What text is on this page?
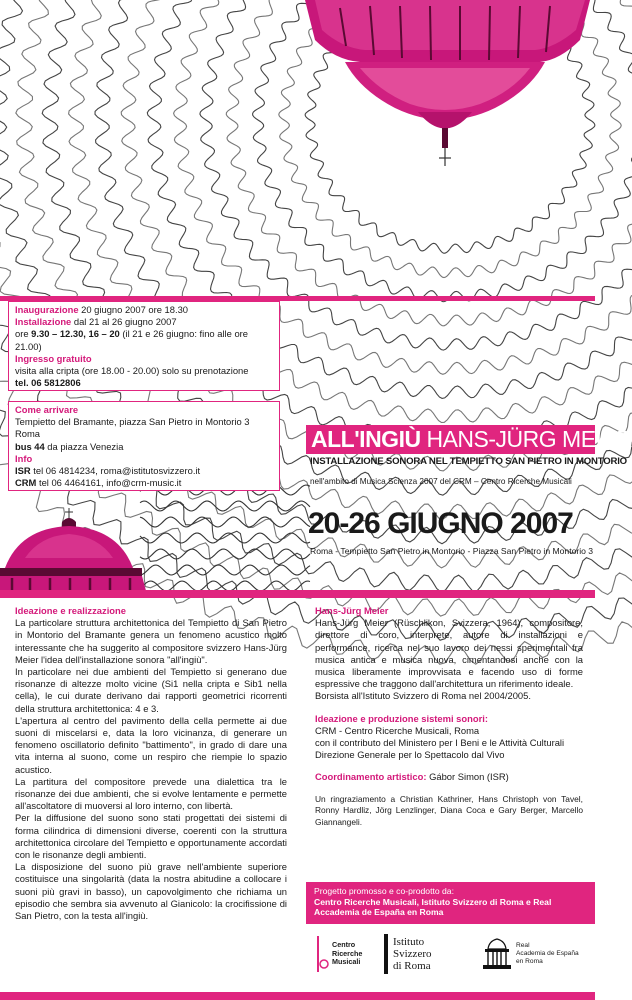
Inaugurazione 20 giugno 2007 ore 18.30
Installazione dal 21 al 26 giugno 2007
ore 9.30 – 12.30, 16 – 20 (il 21 e 26 giugno: fino alle ore 21.00)
Ingresso gratuito
visita alla cripta (ore 18.00 - 20.00) solo su prenotazione
tel. 06 5812806
Come arrivare
Tempietto del Bramante, piazza San Pietro in Montorio 3 Roma
bus 44 da piazza Venezia
Info
ISR tel 06 4814234, roma@istitutosvizzero.it
CRM tel 06 4464161, info@crm-music.it
ALL'INGIÙ HANS-JÜRG MEIER
INSTALLAZIONE SONORA NEL TEMPIETTO SAN PIETRO IN MONTORIO
nell'ambito di Musica Scienza 2007 del CRM – Centro Ricerche Musicali
20-26 GIUGNO 2007
Roma - Tempietto San Pietro in Montorio - Piazza San Pietro in Montorio 3
Ideazione e realizzazione

La particolare struttura architettonica del Tempietto di San Pietro in Montorio del Bramante genera un fenomeno acustico molto interessante che ha suggerito al compositore svizzero Hans-Jürg Meier l'idea dell'installazione sonora "all'ingiù".

In particolare nei due ambienti del Tempietto si generano due risonanze di altezze molto vicine (Si1 nella cripta e Sib1 nella cella), le cui durate derivano dai rapporti geometrici ricorrenti della struttura architettonica: 4 e 3.

L'apertura al centro del pavimento della cella permette ai due suoni di miscelarsi e, data la loro vicinanza, di generare un fenomeno oscillatorio definito "battimento", in grado di dare una vita interna al suono, come un respiro che riempie lo spazio acustico.

La partitura del compositore prevede una dialettica tra le risonanze dei due ambienti, che si evolve lentamente e permette all'ascoltatore di muoversi al loro interno, con libertà.

Per la diffusione del suono sono stati progettati dei sistemi di forma cilindrica di dimensioni diverse, coerenti con la struttura architettonica circolare del Tempietto e opportunamente accordati con le risonanze degli ambienti.

La disposizione del suono più grave nell'ambiente superiore costituisce una singolarità (data la nostra abitudine a collocare i suoni più gravi in basso), un capovolgimento che richiama un episodio che sembra sia avvenuto al Gianicolo: la crocifissione di San Pietro, con la testa all'ingiù.

Hans-Jürg Meier

Hans-Jürg Meier (Rüschlikon, Svizzera, 1964), compositore, direttore di coro, interprete, autore di installazioni e performance, ricerca nel suo lavoro dei nessi sperimentali fra musica antica e musica nuova, cimentandosi anche con la musica liberamente improvvisata e facendo uso di forme espressive che traggono dall'architettura un riferimento ideale.

Borsista all'Istituto Svizzero di Roma nel 2004/2005.

Ideazione e produzione sistemi sonori:
CRM - Centro Ricerche Musicali, Roma
con il contributo del Ministero per I Beni e le Attività Culturali
Direzione Generale per lo Spettacolo dal Vivo
Coordinamento artistico: Gábor Simon (ISR)

Un ringraziamento a Christian Kathriner, Hans Christoph von Tavel, Ronny Hardliz, Jörg Lenzlinger, Diana Coca e Gary Berger, Marcello Giannangeli.

Progetto promosso e co-prodotto da:
Centro Ricerche Musicali, Istituto Svizzero di Roma e Real Accademia de España en Roma
Centro
Ricerche
Musicali
Istituto
Svizzero
di Roma
Real
Academia de España
en Roma
